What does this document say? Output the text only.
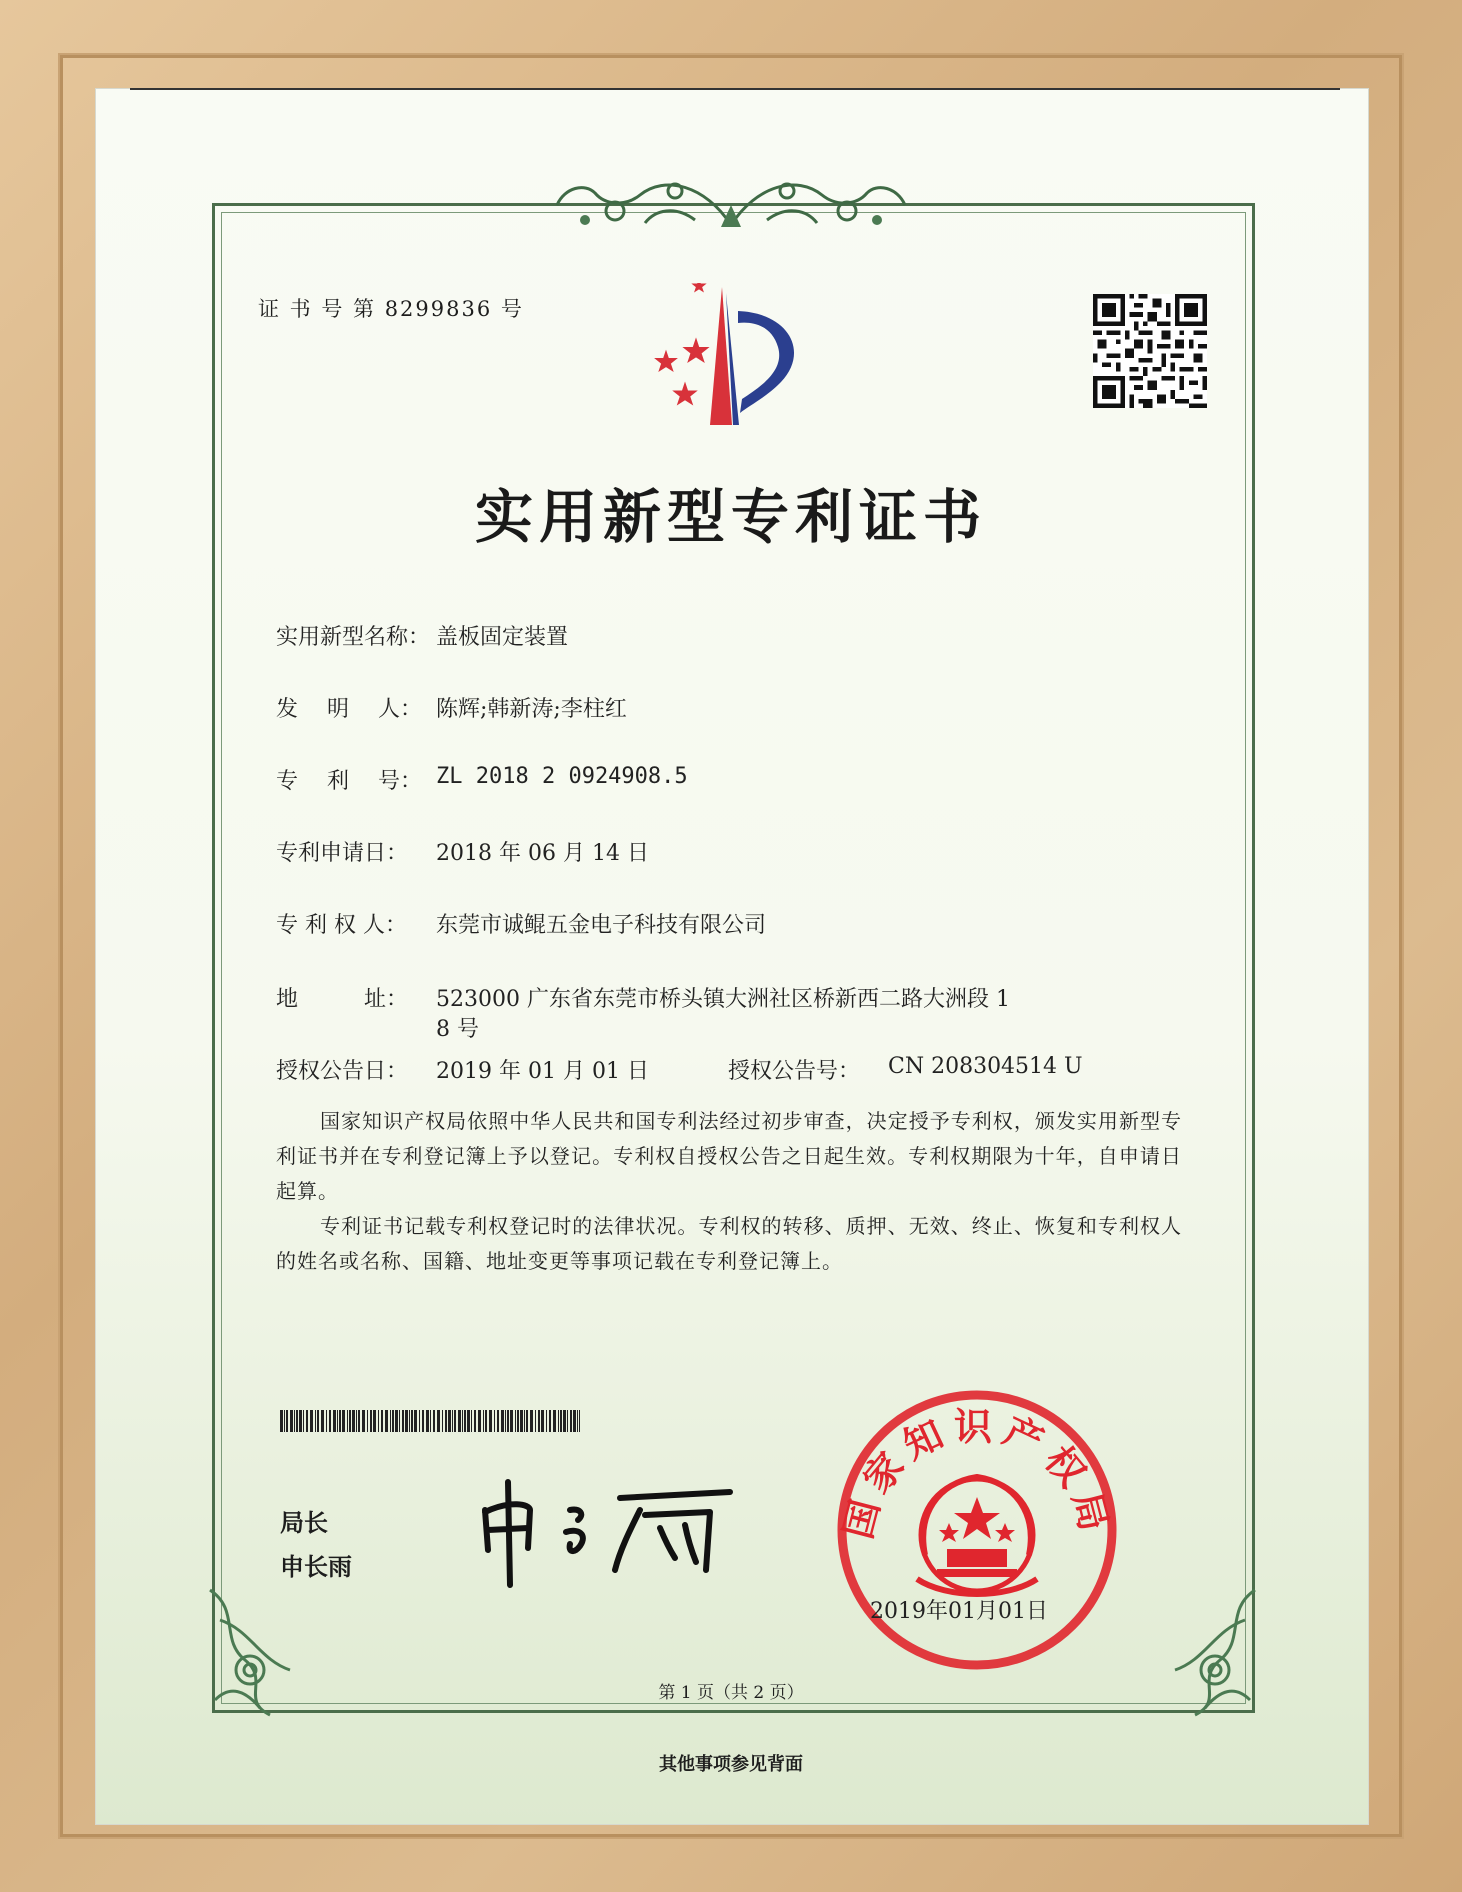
证 书 号 第 8299836 号
实用新型专利证书
实用新型名称： 盖板固定装置
发　 明　 人： 陈辉;韩新涛;李柱红
专　 利　 号： ZL 2018 2 0924908.5
专利申请日： 2018 年 06 月 14 日
专 利 权 人： 东莞市诚鲲五金电子科技有限公司
地　　　址： 523000 广东省东莞市桥头镇大洲社区桥新西二路大洲段 1
8 号
授权公告日： 2019 年 01 月 01 日	授权公告号： CN 208304514 U
国家知识产权局依照中华人民共和国专利法经过初步审查，决定授予专利权，颁发实用新型专利证书并在专利登记簿上予以登记。专利权自授权公告之日起生效。专利权期限为十年，自申请日起算。
专利证书记载专利权登记时的法律状况。专利权的转移、质押、无效、终止、恢复和专利权人的姓名或名称、国籍、地址变更等事项记载在专利登记簿上。
局长
申长雨
国家知识产权局
2019年01月01日
第 1 页（共 2 页）
其他事项参见背面
